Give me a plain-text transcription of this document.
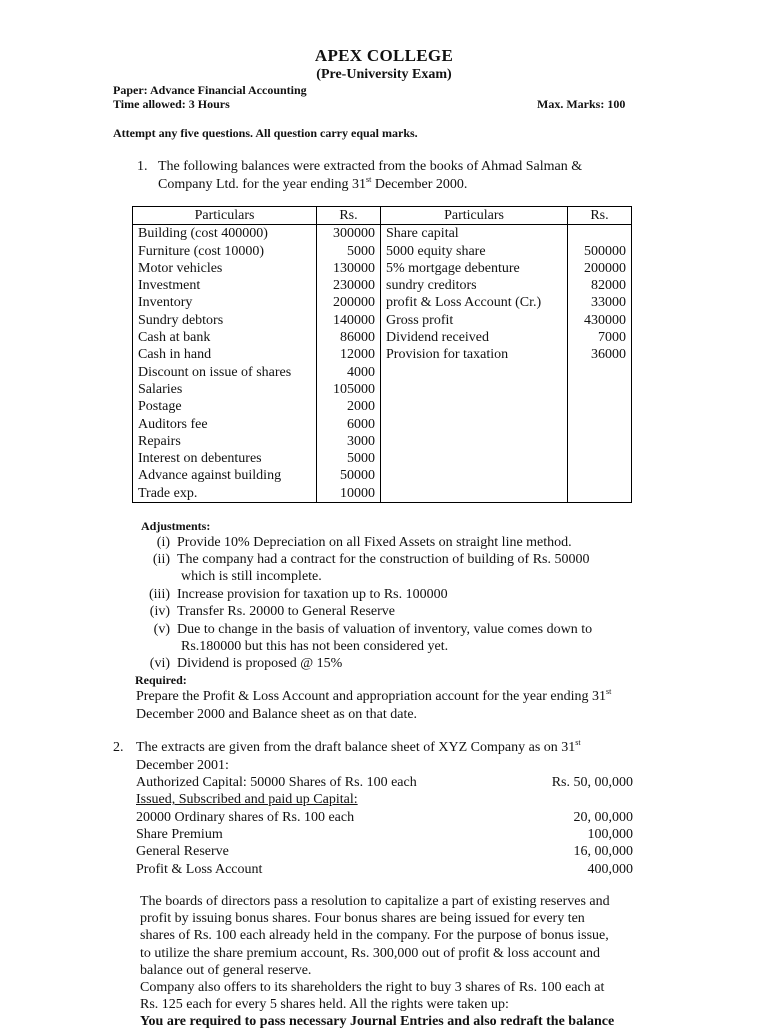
APEX COLLEGE
(Pre-University Exam)
Paper: Advance Financial Accounting
Time allowed: 3 Hours	Max. Marks: 100
Attempt any five questions. All question carry equal marks.
1. The following balances were extracted from the books of Ahmad Salman &
Company Ltd. for the year ending 31st December 2000.
Particulars	Rs.	Particulars	Rs.
Building (cost 400000)	300000	Share capital	
Furniture (cost 10000)	5000	5000 equity share	500000
Motor vehicles	130000	5% mortgage debenture	200000
Investment	230000	sundry creditors	82000
Inventory	200000	profit & Loss Account (Cr.)	33000
Sundry debtors	140000	Gross profit	430000
Cash at bank	86000	Dividend received	7000
Cash in hand	12000	Provision for taxation	36000
Discount on issue of shares	4000		
Salaries	105000		
Postage	2000		
Auditors fee	6000		
Repairs	3000		
Interest on debentures	5000		
Advance against building	50000		
Trade exp.	10000		
Adjustments:
(i) Provide 10% Depreciation on all Fixed Assets on straight line method.
(ii) The company had a contract for the construction of building of Rs. 50000
which is still incomplete.
(iii) Increase provision for taxation up to Rs. 100000
(iv) Transfer Rs. 20000 to General Reserve
(v) Due to change in the basis of valuation of inventory, value comes down to
Rs.180000 but this has not been considered yet.
(vi) Dividend is proposed @ 15%
Required:
Prepare the Profit & Loss Account and appropriation account for the year ending 31st
December 2000 and Balance sheet as on that date.
2. The extracts are given from the draft balance sheet of XYZ Company as on 31st
December 2001:
Authorized Capital: 50000 Shares of Rs. 100 each	Rs. 50, 00,000
Issued, Subscribed and paid up Capital:
20000 Ordinary shares of Rs. 100 each	20, 00,000
Share Premium	100,000
General Reserve	16, 00,000
Profit & Loss Account	400,000
The boards of directors pass a resolution to capitalize a part of existing reserves and
profit by issuing bonus shares. Four bonus shares are being issued for every ten
shares of Rs. 100 each already held in the company. For the purpose of bonus issue,
to utilize the share premium account, Rs. 300,000 out of profit & loss account and
balance out of general reserve.
Company also offers to its shareholders the right to buy 3 shares of Rs. 100 each at
Rs. 125 each for every 5 shares held. All the rights were taken up:
You are required to pass necessary Journal Entries and also redraft the balance
